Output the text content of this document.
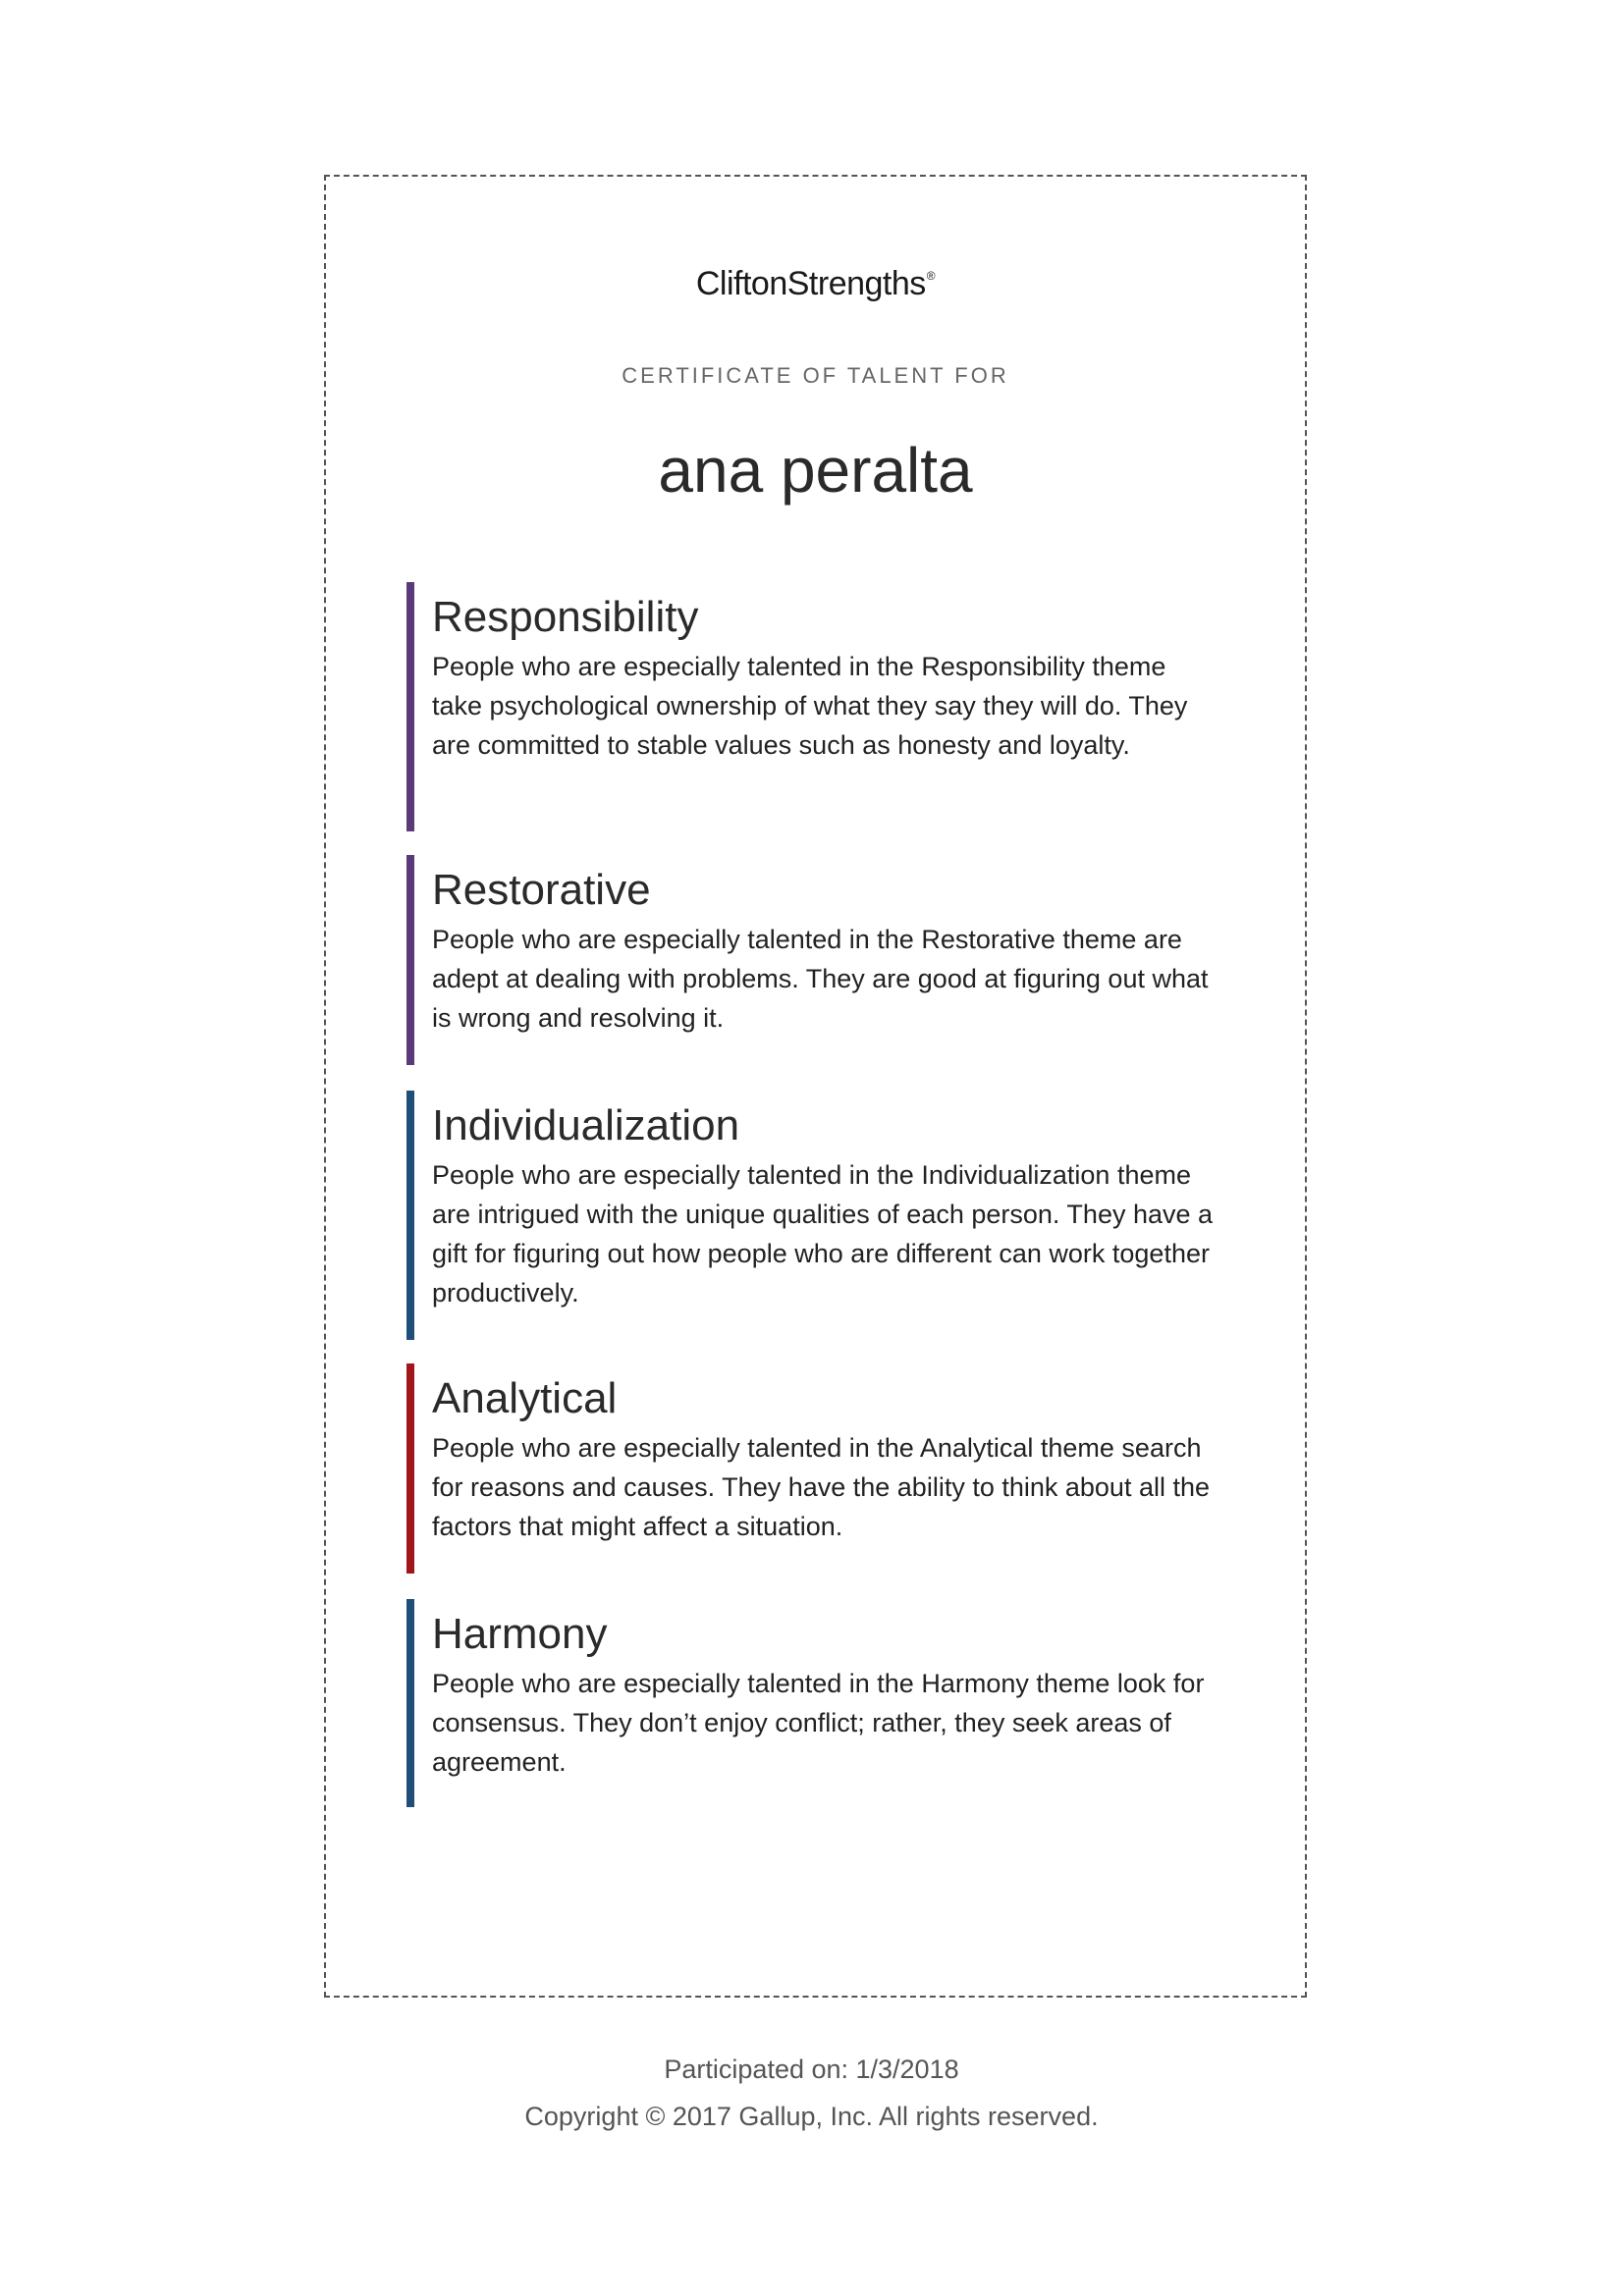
CliftonStrengths®
CERTIFICATE OF TALENT FOR
ana peralta
Responsibility
People who are especially talented in the Responsibility theme take psychological ownership of what they say they will do. They are committed to stable values such as honesty and loyalty.
Restorative
People who are especially talented in the Restorative theme are adept at dealing with problems. They are good at figuring out what is wrong and resolving it.
Individualization
People who are especially talented in the Individualization theme are intrigued with the unique qualities of each person. They have a gift for figuring out how people who are different can work together productively.
Analytical
People who are especially talented in the Analytical theme search for reasons and causes. They have the ability to think about all the factors that might affect a situation.
Harmony
People who are especially talented in the Harmony theme look for consensus. They don’t enjoy conflict; rather, they seek areas of agreement.
Participated on: 1/3/2018
Copyright © 2017 Gallup, Inc. All rights reserved.
